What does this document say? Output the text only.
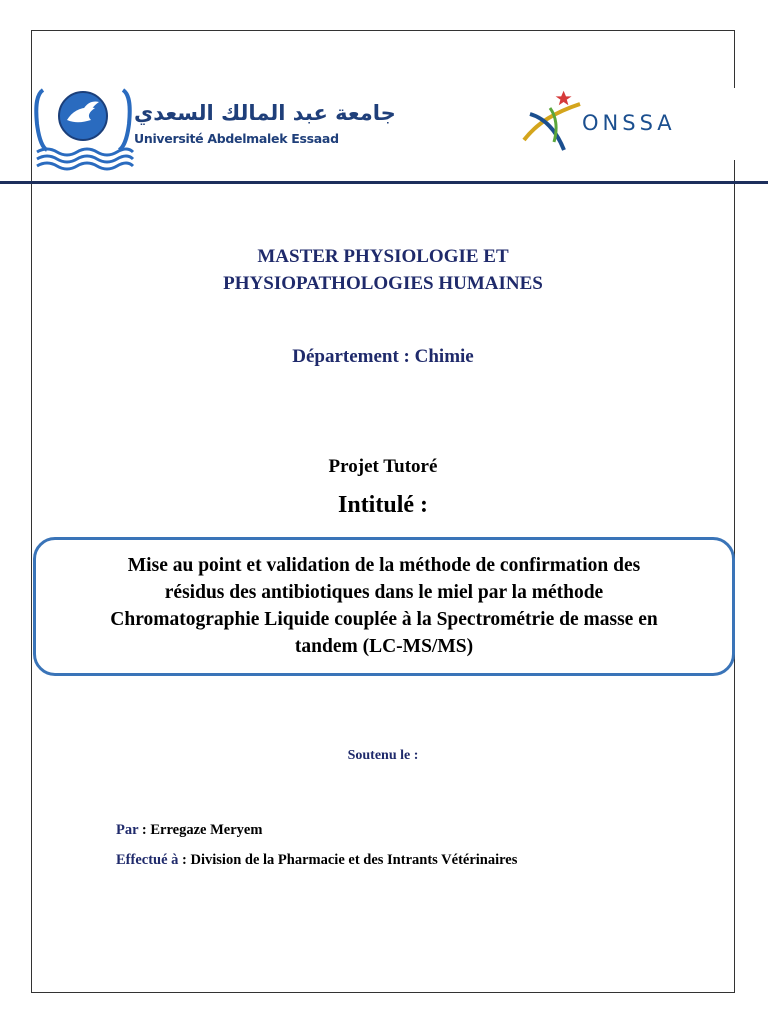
جامعة عبد المالك السعدي
Université Abdelmalek Essaad
ONSSA
MASTER PHYSIOLOGIE ET
PHYSIOPATHOLOGIES HUMAINES
Département : Chimie
Projet Tutoré
Intitulé :
Mise au point et validation de la méthode de confirmation des
résidus des antibiotiques dans le miel par la méthode
Chromatographie Liquide couplée à la Spectrométrie de masse en
tandem (LC-MS/MS)
Soutenu le :
Par : Erregaze Meryem
Effectué à : Division de la Pharmacie et des Intrants Vétérinaires
